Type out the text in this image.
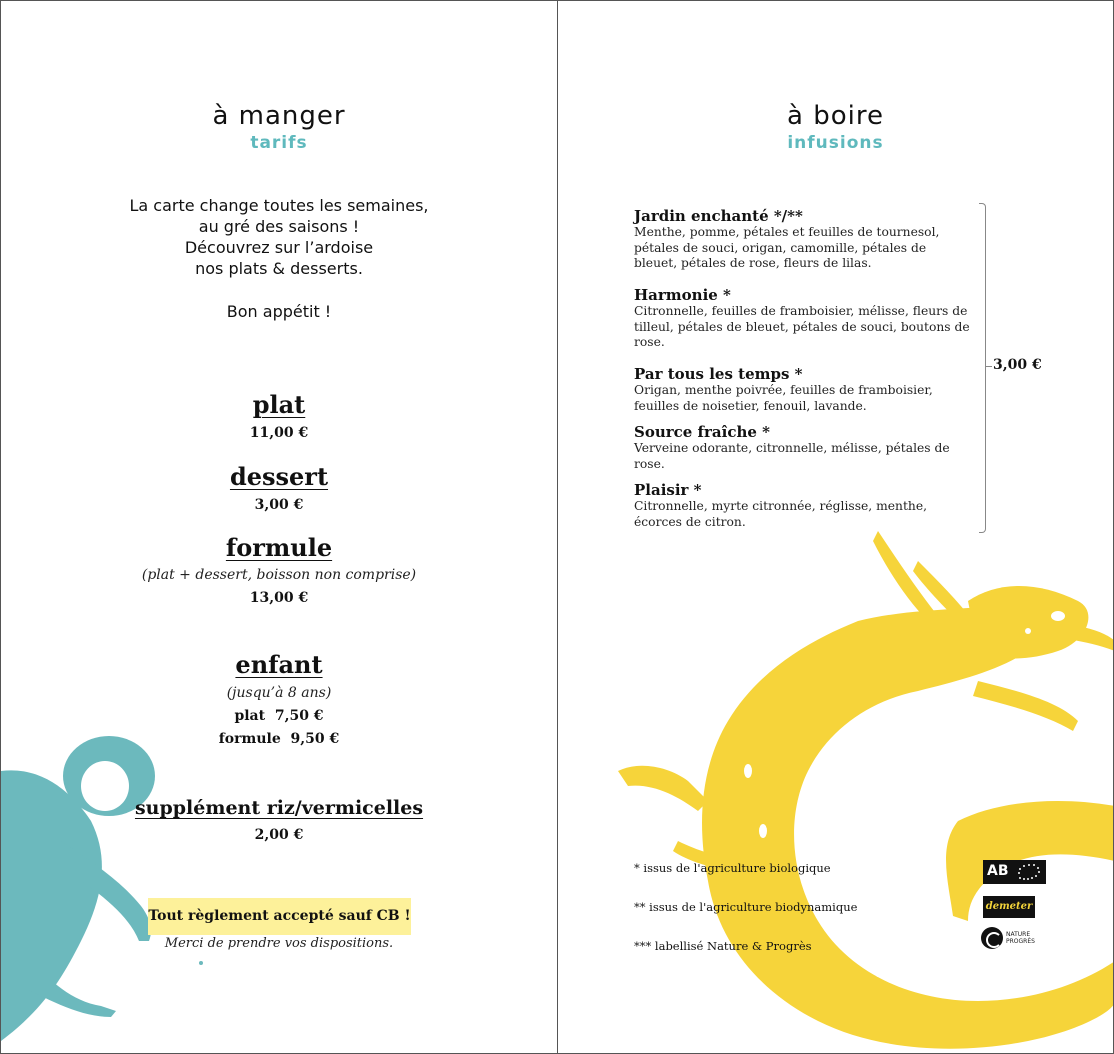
à manger
tarifs
La carte change toutes les semaines,
au gré des saisons !
Découvrez sur l’ardoise
nos plats & desserts.
Bon appétit !
plat
11,00 €
dessert
3,00 €
formule
(plat + dessert, boisson non comprise)
13,00 €
enfant
(jusqu’à 8 ans)
plat  7,50 €
formule  9,50 €
supplément riz/vermicelles
2,00 €
Tout règlement accepté sauf CB !
Merci de prendre vos dispositions.
à boire
infusions
Jardin enchanté */**
Menthe, pomme, pétales et feuilles de tournesol,
pétales de souci, origan, camomille, pétales de
bleuet, pétales de rose, fleurs de lilas.
Harmonie *
Citronnelle, feuilles de framboisier, mélisse, fleurs de
tilleul, pétales de bleuet, pétales de souci, boutons de
rose.
Par tous les temps *
Origan, menthe poivrée, feuilles de framboisier,
feuilles de noisetier, fenouil, lavande.
Source fraîche *
Verveine odorante, citronnelle, mélisse, pétales de
rose.
Plaisir *
Citronnelle, myrte citronnée, réglisse, menthe,
écorces de citron.
3,00 €
* issus de l'agriculture biologique
** issus de l'agriculture biodynamique
*** labellisé Nature & Progrès
AB
demeter
NATURE
PROGRÈS
